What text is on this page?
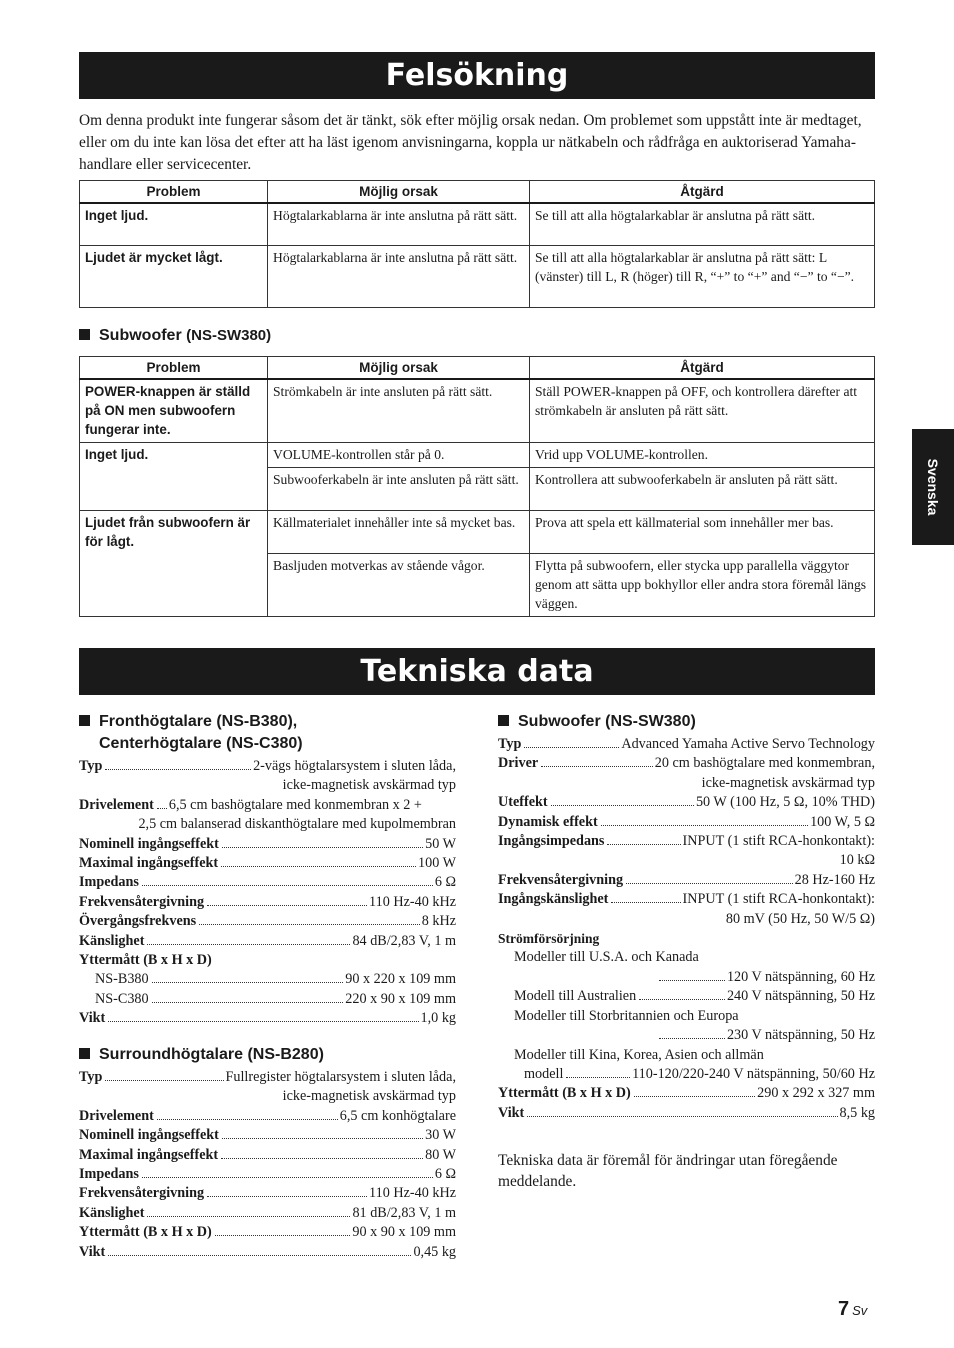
Felsökning

Om denna produkt inte fungerar såsom det är tänkt, sök efter möjlig orsak nedan. Om problemet som uppstått inte är medtaget, eller om du inte kan lösa det efter att ha läst igenom anvisningarna, koppla ur nätkabeln och rådfråga en auktoriserad Yamaha-handlare eller servicecenter.

Problem	Möjlig orsak	Åtgärd
Inget ljud.	Högtalarkablarna är inte anslutna på rätt sätt.	Se till att alla högtalarkablar är anslutna på rätt sätt.
Ljudet är mycket lågt.	Högtalarkablarna är inte anslutna på rätt sätt.	Se till att alla högtalarkablar är anslutna på rätt sätt: L (vänster) till L, R (höger) till R, “+” to “+” and “−” to “−”.
Subwoofer (NS-SW380)
Problem	Möjlig orsak	Åtgärd
POWER-knappen är ställd på ON men subwoofern fungerar inte.	Strömkabeln är inte ansluten på rätt sätt.	Ställ POWER-knappen på OFF, och kontrollera därefter att strömkabeln är ansluten på rätt sätt.
Inget ljud.	VOLUME-kontrollen står på 0.	Vrid upp VOLUME-kontrollen.
	Subwooferkabeln är inte ansluten på rätt sätt.	Kontrollera att subwooferkabeln är ansluten på rätt sätt.
Ljudet från subwoofern är för lågt.	Källmaterialet innehåller inte så mycket bas.	Prova att spela ett källmaterial som innehåller mer bas.
	Basljuden motverkas av stående vågor.	Flytta på subwoofern, eller stycka upp parallella väggytor genom att sätta upp bokhyllor eller andra stora föremål längs väggen.
Tekniska data
Fronthögtalare (NS-B380),
Centerhögtalare (NS-C380)
Typ	2-vägs högtalarsystem i sluten låda,
icke-magnetisk avskärmad typ
Drivelement 6,5 cm bashögtalare med konmembran x 2 +
2,5 cm balanserad diskanthögtalare med kupolmembran
Nominell ingångseffekt	50 W
Maximal ingångseffekt	100 W
Impedans	6 Ω
Frekvensåtergivning	110 Hz-40 kHz
Övergångsfrekvens	8 kHz
Känslighet	84 dB/2,83 V, 1 m
Yttermått (B x H x D)
NS-B380	90 x 220 x 109 mm
NS-C380	220 x 90 x 109 mm
Vikt	1,0 kg
Surroundhögtalare (NS-B280)
Typ	Fullregister högtalarsystem i sluten låda,
icke-magnetisk avskärmad typ
Drivelement	6,5 cm konhögtalare
Nominell ingångseffekt	30 W
Maximal ingångseffekt	80 W
Impedans	6 Ω
Frekvensåtergivning	110 Hz-40 kHz
Känslighet	81 dB/2,83 V, 1 m
Yttermått (B x H x D)	90 x 90 x 109 mm
Vikt	0,45 kg
Subwoofer (NS-SW380)
Typ	Advanced Yamaha Active Servo Technology
Driver	20 cm bashögtalare med konmembran,
icke-magnetisk avskärmad typ
Uteffekt	50 W (100 Hz, 5 Ω, 10% THD)
Dynamisk effekt	100 W, 5 Ω
Ingångsimpedans	INPUT (1 stift RCA-honkontakt):
10 kΩ
Frekvensåtergivning	28 Hz-160 Hz
Ingångskänslighet	INPUT (1 stift RCA-honkontakt):
80 mV (50 Hz, 50 W/5 Ω)
Strömförsörjning
Modeller till U.S.A. och Kanada
120 V nätspänning, 60 Hz
Modell till Australien	240 V nätspänning, 50 Hz
Modeller till Storbritannien och Europa
230 V nätspänning, 50 Hz
Modeller till Kina, Korea, Asien och allmän
modell	110-120/220-240 V nätspänning, 50/60 Hz
Yttermått (B x H x D)	290 x 292 x 327 mm
Vikt	8,5 kg

Tekniska data är föremål för ändringar utan föregående meddelande.

Svenska
7 Sv
